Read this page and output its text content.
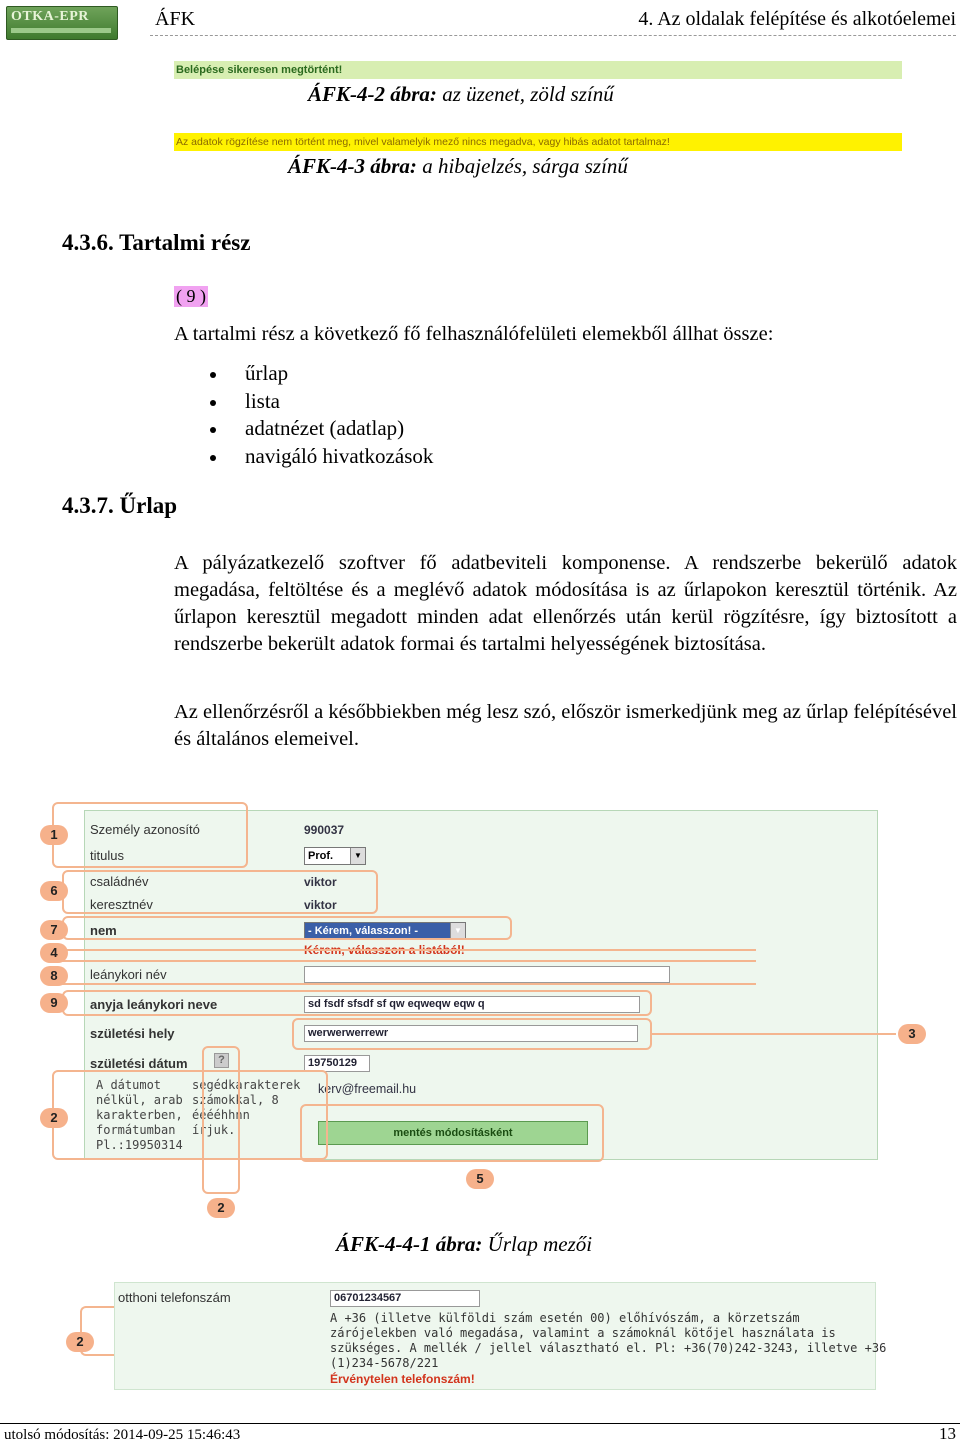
OTKA-EPR	ÁFK	4. Az oldalak felépítése és alkotóelemei
Belépése sikeresen megtörtént!
ÁFK-4-2 ábra: az üzenet, zöld színű
Az adatok rögzítése nem történt meg, mivel valamelyik mező nincs megadva, vagy hibás adatot tartalmaz!
ÁFK-4-3 ábra: a hibajelzés, sárga színű
4.3.6. Tartalmi rész
( 9 )
A tartalmi rész a következő fő felhasználófelületi elemekből állhat össze:
űrlap
lista
adatnézet (adatlap)
navigáló hivatkozások
4.3.7. Űrlap
A pályázatkezelő szoftver fő adatbeviteli komponense. A rendszerbe bekerülő adatok megadása, feltöltése és a meglévő adatok módosítása is az űrlapokon keresztül történik. Az űrlapon keresztül megadott minden adat ellenőrzés után kerül rögzítésre, így biztosított a rendszerbe bekerült adatok formai és tartalmi helyességének biztosítása.
Az ellenőrzésről a későbbiekben még lesz szó, először ismerkedjünk meg az űrlap felépítésével és általános elemeivel.
Személy azonosító	990037
titulus	Prof.	▼
családnév	viktor
keresztnév	viktor
nem	- Kérem, válasszon! -	▼
Kérem, válasszon a listából!
leánykori név
anyja leánykori neve	sd fsdf sfsdf sf qw eqweqw eqw q
születési hely	werwerwerrewr
születési dátum	?	19750129
kerv@freemail.hu
A dátumot
nélkül, arab
karakterben,
formátumban
Pl.:19950314
segédkarakterek
számokkal, 8
ééééhhnn
írjuk.	mentés módosításként
1
6
7
4
8
9
2
3
5
2
ÁFK-4-4-1 ábra: Űrlap mezői
otthoni telefonszám	06701234567
A +36 (illetve külföldi szám esetén 00) előhívószám, a körzetszám
zárójelekben való megadása, valamint a számoknál kötőjel használata is
szükséges. A mellék / jellel választható el. Pl: +36(70)242-3243, illetve +36
(1)234-5678/221
Érvénytelen telefonszám!
2
utolsó módosítás: 2014-09-25 15:46:43	13
